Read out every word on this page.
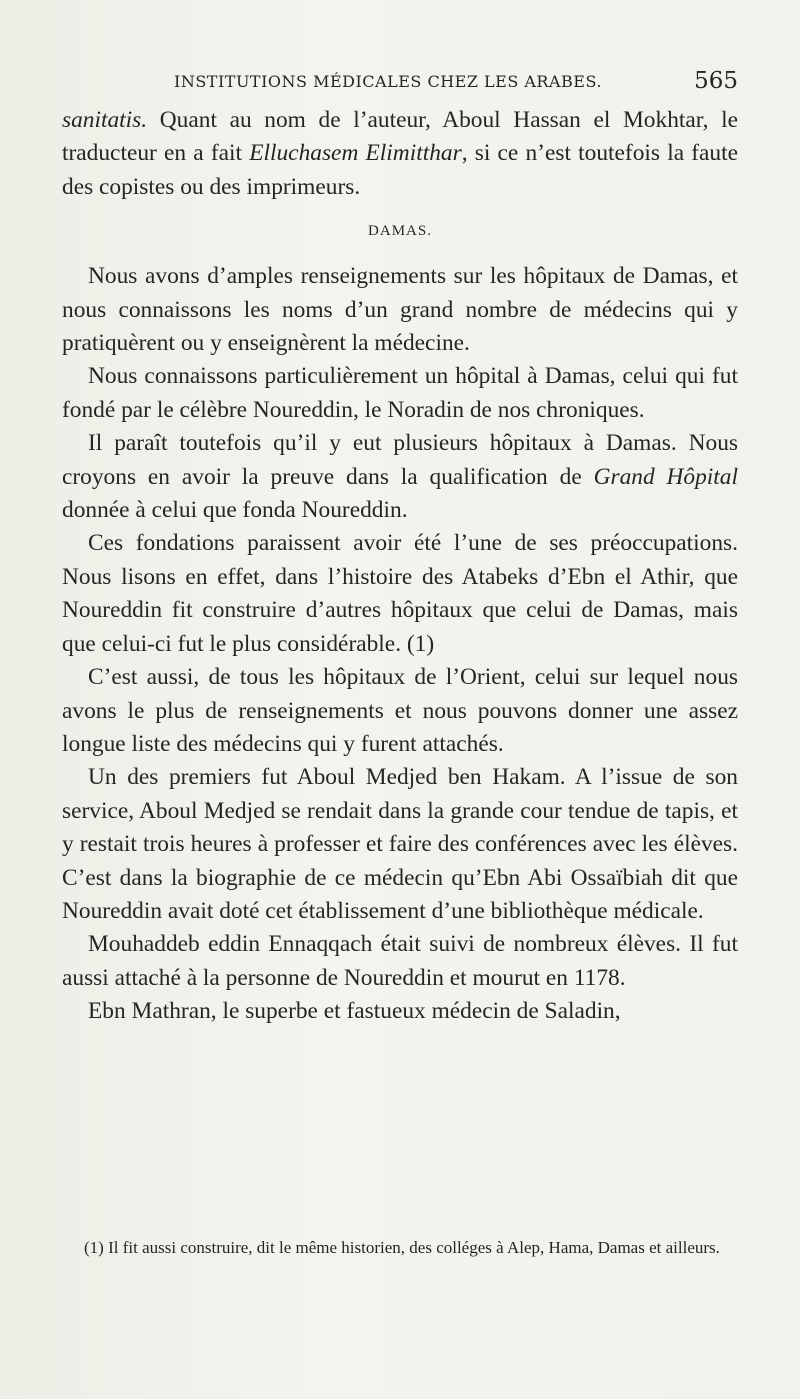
INSTITUTIONS MÉDICALES CHEZ LES ARABES.	565

sanitatis. Quant au nom de l’auteur, Aboul Hassan el Mokhtar, le traducteur en a fait Elluchasem Elimitthar, si ce n’est toutefois la faute des copistes ou des imprimeurs.

DAMAS.

Nous avons d’amples renseignements sur les hôpitaux de Damas, et nous connaissons les noms d’un grand nombre de médecins qui y pratiquèrent ou y enseignèrent la médecine.

Nous connaissons particulièrement un hôpital à Damas, celui qui fut fondé par le célèbre Noureddin, le Noradin de nos chroniques.

Il paraît toutefois qu’il y eut plusieurs hôpitaux à Damas. Nous croyons en avoir la preuve dans la qualification de Grand Hôpital donnée à celui que fonda Noureddin.

Ces fondations paraissent avoir été l’une de ses préoccupations. Nous lisons en effet, dans l’histoire des Atabeks d’Ebn el Athir, que Noureddin fit construire d’autres hôpitaux que celui de Damas, mais que celui-ci fut le plus considérable. (1)

C’est aussi, de tous les hôpitaux de l’Orient, celui sur lequel nous avons le plus de renseignements et nous pouvons donner une assez longue liste des médecins qui y furent attachés.

Un des premiers fut Aboul Medjed ben Hakam. A l’issue de son service, Aboul Medjed se rendait dans la grande cour tendue de tapis, et y restait trois heures à professer et faire des conférences avec les élèves. C’est dans la biographie de ce médecin qu’Ebn Abi Ossaïbiah dit que Noureddin avait doté cet établissement d’une bibliothèque médicale.

Mouhaddeb eddin Ennaqqach était suivi de nombreux élèves. Il fut aussi attaché à la personne de Noureddin et mourut en 1178.

Ebn Mathran, le superbe et fastueux médecin de Saladin,

(1) Il fit aussi construire, dit le même historien, des colléges à Alep, Hama, Damas et ailleurs.
